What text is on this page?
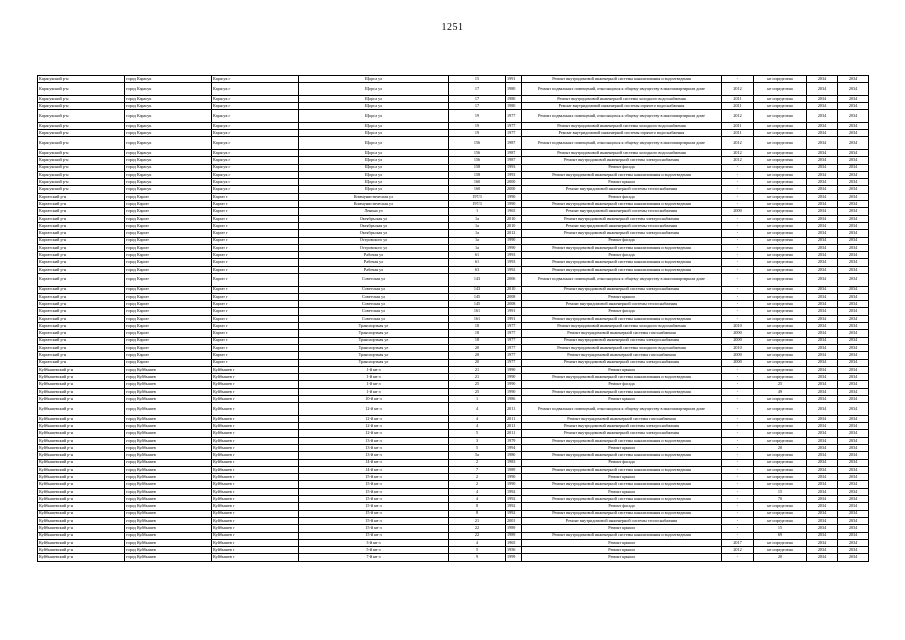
1251
Карасукский р-н	город Карасук	Карасук г	Щорса ул	15	1991	Ремонт внутридомовой инженерной системы канализования и водоотведения	-	не определена	2034	2034
Карасукский р-н	город Карасук	Карасук г	Щорса ул	17	1980	Ремонт подвальных помещений, относящихся к общему имуществу в многоквартирном доме	2012	не определена	2034	2034
Карасукский р-н	город Карасук	Карасук г	Щорса ул	17	1980	Ремонт внутридомовой инженерной системы холодного водоснабжения	2011	не определена	2034	2034
Карасукский р-н	город Карасук	Карасук г	Щорса ул	17	1980	Ремонт внутридомовой инженерной системы горячего водоснабжения	2011	не определена	2034	2034
Карасукский р-н	город Карасук	Карасук г	Щорса ул	19	1977	Ремонт подвальных помещений, относящихся к общему имуществу в многоквартирном доме	2012	не определена	2034	2034
Карасукский р-н	город Карасук	Карасук г	Щорса ул	19	1977	Ремонт внутридомовой инженерной системы холодного водоснабжения	2011	не определена	2034	2034
Карасукский р-н	город Карасук	Карасук г	Щорса ул	19	1977	Ремонт внутридомовой инженерной системы горячего водоснабжения	2011	не определена	2034	2034
Карасукский р-н	город Карасук	Карасук г	Щорса ул	156	1987	Ремонт подвальных помещений, относящихся к общему имуществу в многоквартирном доме	2012	не определена	2034	2034
Карасукский р-н	город Карасук	Карасук г	Щорса ул	156	1987	Ремонт внутридомовой инженерной системы холодного водоснабжения	2012	не определена	2034	2034
Карасукский р-н	город Карасук	Карасук г	Щорса ул	156	1987	Ремонт внутридомовой инженерной системы электроснабжения	2012	не определена	2034	2034
Карасукский р-н	город Карасук	Карасук г	Щорса ул	158	1993	Ремонт фасада	-	не определена	2034	2034
Карасукский р-н	город Карасук	Карасук г	Щорса ул	158	1993	Ремонт внутридомовой инженерной системы канализования и водоотведения	-	не определена	2034	2034
Карасукский р-н	город Карасук	Карасук г	Щорса ул	160	2000	Ремонт крыши	-	не определена	2034	2034
Карасукский р-н	город Карасук	Карасук г	Щорса ул	160	2000	Ремонт внутридомовой инженерной системы теплоснабжения	-	не определена	2034	2034
Каргатский р-н	город Каргат	Каргат г	Коммунистическая ул	197/3	1990	Ремонт фасада	-	не определена	2034	2034
Каргатский р-н	город Каргат	Каргат г	Коммунистическая ул	197/3	1990	Ремонт внутридомовой инженерной системы канализования и водоотведения	-	не определена	2034	2034
Каргатский р-н	город Каргат	Каргат г	Ленина ул	1	1965	Ремонт внутридомовой инженерной системы теплоснабжения	2000	не определена	2034	2034
Каргатский р-н	город Каргат	Каргат г	Октябрьская ул	1а	2010	Ремонт внутридомовой инженерной системы электроснабжения	-	не определена	2034	2034
Каргатский р-н	город Каргат	Каргат г	Октябрьская ул	1а	2010	Ремонт внутридомовой инженерной системы теплоснабжения	-	не определена	2034	2034
Каргатский р-н	город Каргат	Каргат г	Октябрьская ул	1а	2012	Ремонт внутридомовой инженерной системы электроснабжения	-	не определена	2034	2034
Каргатский р-н	город Каргат	Каргат г	Островского ул	1а	1990	Ремонт фасада	-	не определена	2034	2034
Каргатский р-н	город Каргат	Каргат г	Островского ул	1а	1990	Ремонт внутридомовой инженерной системы канализования и водоотведения	-	не определена	2034	2034
Каргатский р-н	город Каргат	Каргат г	Рабочая ул	61	1993	Ремонт фасада	-	не определена	2034	2034
Каргатский р-н	город Каргат	Каргат г	Рабочая ул	61	1993	Ремонт внутридомовой инженерной системы канализования и водоотведения	-	не определена	2034	2034
Каргатский р-н	город Каргат	Каргат г	Рабочая ул	63	1992	Ремонт внутридомовой инженерной системы канализования и водоотведения	-	не определена	2034	2034
Каргатский р-н	город Каргат	Каргат г	Советская ул	143	2006	Ремонт подвальных помещений, относящихся к общему имуществу в многоквартирном доме	-	не определена	2034	2034
Каргатский р-н	город Каргат	Каргат г	Советская ул	143	2010	Ремонт внутридомовой инженерной системы электроснабжения	-	не определена	2034	2034
Каргатский р-н	город Каргат	Каргат г	Советская ул	145	2008	Ремонт крыши	-	не определена	2034	2034
Каргатский р-н	город Каргат	Каргат г	Советская ул	145	2008	Ремонт внутридомовой инженерной системы теплоснабжения	-	не определена	2034	2034
Каргатский р-н	город Каргат	Каргат г	Советская ул	161	1991	Ремонт фасада	-	не определена	2034	2034
Каргатский р-н	город Каргат	Каргат г	Советская ул	161	1991	Ремонт внутридомовой инженерной системы канализования и водоотведения	-	не определена	2034	2034
Каргатский р-н	город Каргат	Каргат г	Транспортная ул	18	1977	Ремонт внутридомовой инженерной системы холодного водоснабжения	2010	не определена	2034	2034
Каргатский р-н	город Каргат	Каргат г	Транспортная ул	18	1977	Ремонт внутридомовой инженерной системы газоснабжения	2000	не определена	2034	2034
Каргатский р-н	город Каргат	Каргат г	Транспортная ул	18	1977	Ремонт внутридомовой инженерной системы электроснабжения	2000	не определена	2034	2034
Каргатский р-н	город Каргат	Каргат г	Транспортная ул	20	1977	Ремонт внутридомовой инженерной системы холодного водоснабжения	2010	не определена	2034	2034
Каргатский р-н	город Каргат	Каргат г	Транспортная ул	20	1977	Ремонт внутридомовой инженерной системы газоснабжения	2000	не определена	2034	2034
Каргатский р-н	город Каргат	Каргат г	Транспортная ул	20	1977	Ремонт внутридомовой инженерной системы электроснабжения	2000	не определена	2034	2034
Куйбышевский р-н	город Куйбышев	Куйбышев г	1-й кв-л	21	1990	Ремонт крыши	-	не определена	2034	2034
Куйбышевский р-н	город Куйбышев	Куйбышев г	1-й кв-л	21	1990	Ремонт внутридомовой инженерной системы канализования и водоотведения	-	не определена	2034	2034
Куйбышевский р-н	город Куйбышев	Куйбышев г	1-й кв-л	25	1990	Ремонт фасада	-	25	2034	2034
Куйбышевский р-н	город Куйбышев	Куйбышев г	1-й кв-л	25	1990	Ремонт внутридомовой инженерной системы канализования и водоотведения	-	49	2034	2034
Куйбышевский р-н	город Куйбышев	Куйбышев г	10-й кв-л	1	1986	Ремонт крыши	-	не определена	2034	2034
Куйбышевский р-н	город Куйбышев	Куйбышев г	12-й кв-л	4	2011	Ремонт подвальных помещений, относящихся к общему имуществу в многоквартирном доме	-	не определена	2034	2034
Куйбышевский р-н	город Куйбышев	Куйбышев г	12-й кв-л	4	2011	Ремонт внутридомовой инженерной системы газоснабжения	-	не определена	2034	2034
Куйбышевский р-н	город Куйбышев	Куйбышев г	12-й кв-л	4	2011	Ремонт внутридомовой инженерной системы электроснабжения	-	не определена	2034	2034
Куйбышевский р-н	город Куйбышев	Куйбышев г	12-й кв-л	5	2011	Ремонт внутридомовой инженерной системы электроснабжения	-	не определена	2034	2034
Куйбышевский р-н	город Куйбышев	Куйбышев г	13-й кв-л	3	1979	Ремонт внутридомовой инженерной системы канализования и водоотведения	-	не определена	2034	2034
Куйбышевский р-н	город Куйбышев	Куйбышев г	13-й кв-л	5	1994	Ремонт крыши	-	20	2034	2034
Куйбышевский р-н	город Куйбышев	Куйбышев г	13-й кв-л	5а	1980	Ремонт внутридомовой инженерной системы канализования и водоотведения	-	не определена	2034	2034
Куйбышевский р-н	город Куйбышев	Куйбышев г	14-й кв-л	2	1983	Ремонт фасада	-	не определена	2034	2034
Куйбышевский р-н	город Куйбышев	Куйбышев г	14-й кв-л	7	1989	Ремонт внутридомовой инженерной системы канализования и водоотведения	-	не определена	2034	2034
Куйбышевский р-н	город Куйбышев	Куйбышев г	15-й кв-л	2	1990	Ремонт крыши	-	не определена	2034	2034
Куйбышевский р-н	город Куйбышев	Куйбышев г	15-й кв-л	2	1990	Ремонт внутридомовой инженерной системы канализования и водоотведения	-	не определена	2034	2034
Куйбышевский р-н	город Куйбышев	Куйбышев г	15-й кв-л	4	1992	Ремонт крыши	-	15	2034	2034
Куйбышевский р-н	город Куйбышев	Куйбышев г	15-й кв-л	4	1992	Ремонт внутридомовой инженерной системы канализования и водоотведения	-	70	2034	2034
Куйбышевский р-н	город Куйбышев	Куйбышев г	15-й кв-л	8	1992	Ремонт фасада	-	не определена	2034	2034
Куйбышевский р-н	город Куйбышев	Куйбышев г	15-й кв-л	8	1992	Ремонт внутридомовой инженерной системы канализования и водоотведения	-	не определена	2034	2034
Куйбышевский р-н	город Куйбышев	Куйбышев г	15-й кв-л	21	2001	Ремонт внутридомовой инженерной системы теплоснабжения	-	не определена	2034	2034
Куйбышевский р-н	город Куйбышев	Куйбышев г	15-й кв-л	22	1989	Ремонт крыши	-	15	2034	2034
Куйбышевский р-н	город Куйбышев	Куйбышев г	15-й кв-л	22	1989	Ремонт внутридомовой инженерной системы канализования и водоотведения	-	69	2034	2034
Куйбышевский р-н	город Куйбышев	Куйбышев г	3-й кв-л	4	1965	Ремонт крыши	2017	не определена	2034	2034
Куйбышевский р-н	город Куйбышев	Куйбышев г	5-й кв-л	5	1956	Ремонт крыши	2012	не определена	2034	2034
Куйбышевский р-н	город Куйбышев	Куйбышев г	7-й кв-л	9	1999	Ремонт крыши	-	20	2034	2034
